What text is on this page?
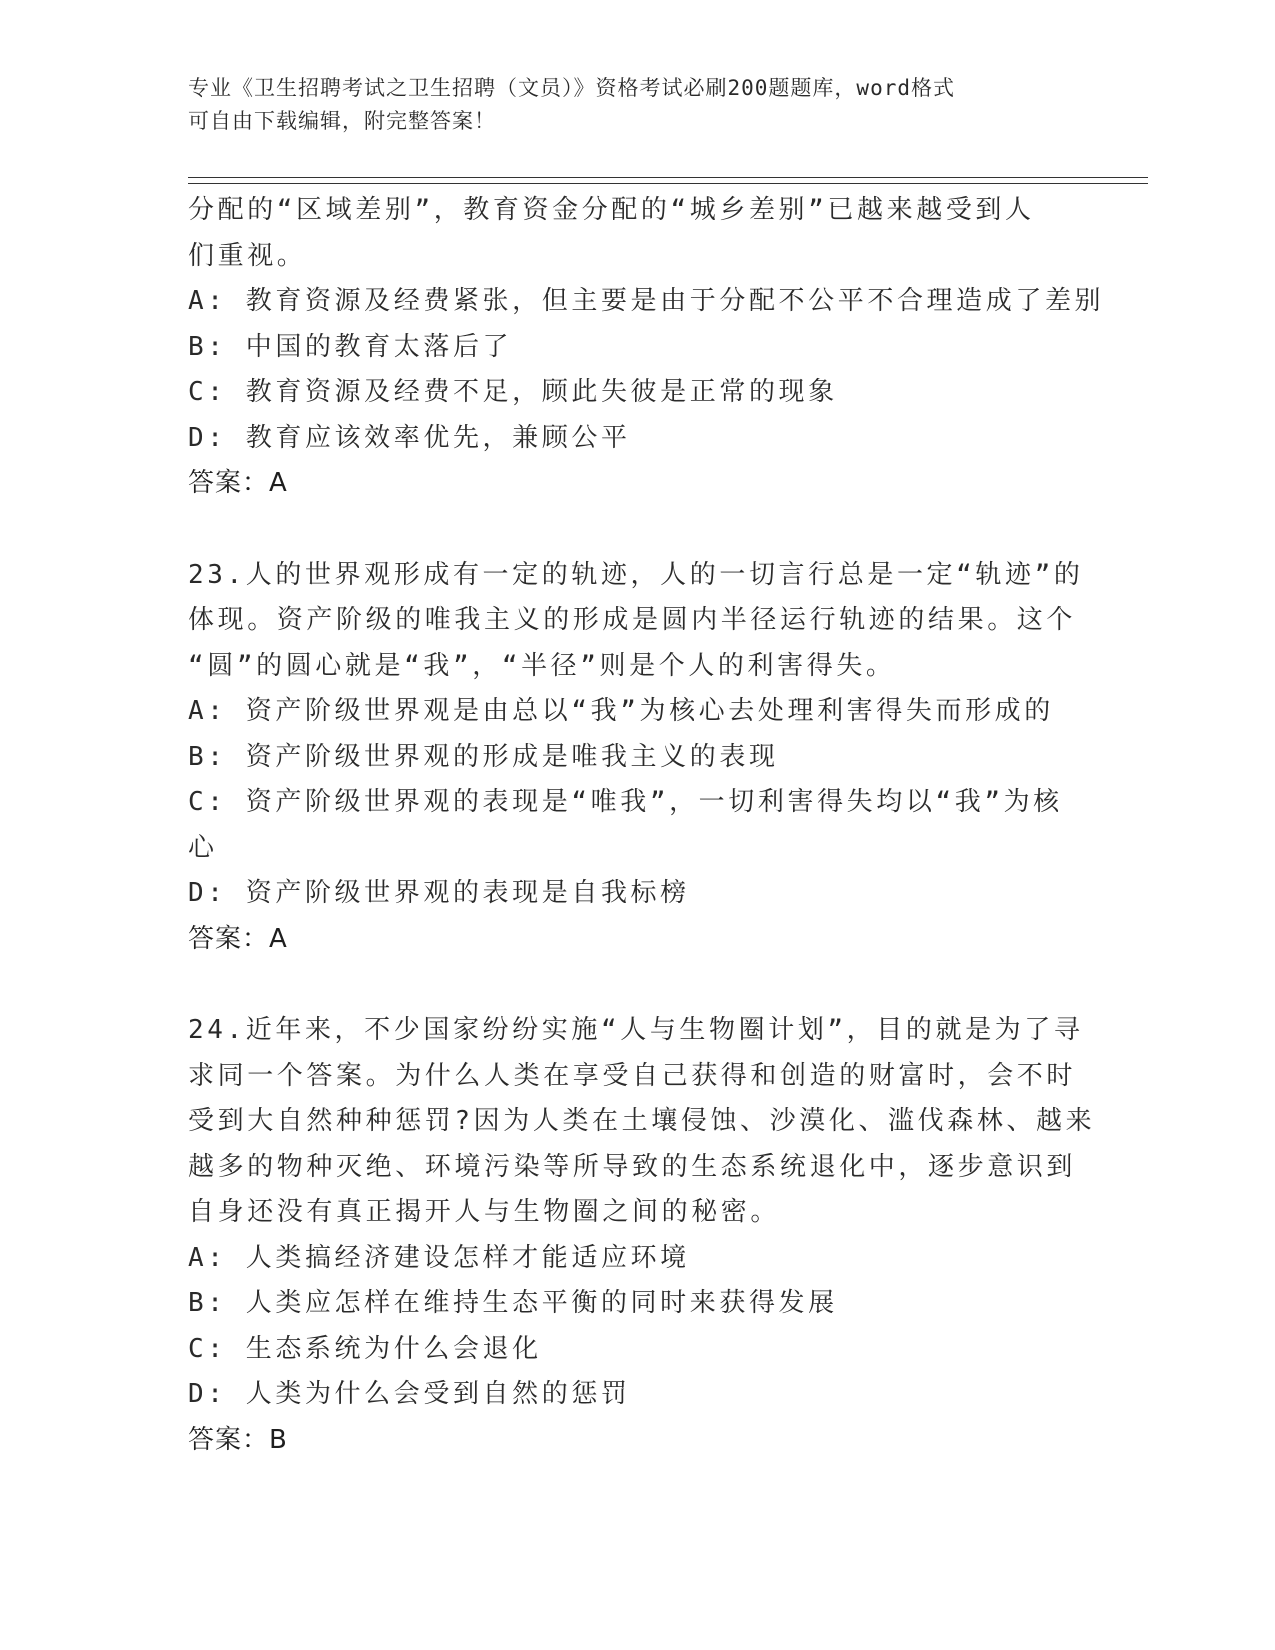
专业《卫生招聘考试之卫生招聘（文员）》资格考试必刷200题题库，word格式
可自由下载编辑，附完整答案！
分配的“区域差别”，教育资金分配的“城乡差别”已越来越受到人
们重视。
A: 教育资源及经费紧张，但主要是由于分配不公平不合理造成了差别
B: 中国的教育太落后了
C: 教育资源及经费不足，顾此失彼是正常的现象
D: 教育应该效率优先，兼顾公平
答案：A
23.人的世界观形成有一定的轨迹，人的一切言行总是一定“轨迹”的
体现。资产阶级的唯我主义的形成是圆内半径运行轨迹的结果。这个
“圆”的圆心就是“我”，“半径”则是个人的利害得失。
A: 资产阶级世界观是由总以“我”为核心去处理利害得失而形成的
B: 资产阶级世界观的形成是唯我主义的表现
C: 资产阶级世界观的表现是“唯我”，一切利害得失均以“我”为核
心
D: 资产阶级世界观的表现是自我标榜
答案：A
24.近年来，不少国家纷纷实施“人与生物圈计划”，目的就是为了寻
求同一个答案。为什么人类在享受自己获得和创造的财富时，会不时
受到大自然种种惩罚?因为人类在土壤侵蚀、沙漠化、滥伐森林、越来
越多的物种灭绝、环境污染等所导致的生态系统退化中，逐步意识到
自身还没有真正揭开人与生物圈之间的秘密。
A: 人类搞经济建设怎样才能适应环境
B: 人类应怎样在维持生态平衡的同时来获得发展
C: 生态系统为什么会退化
D: 人类为什么会受到自然的惩罚
答案：B
